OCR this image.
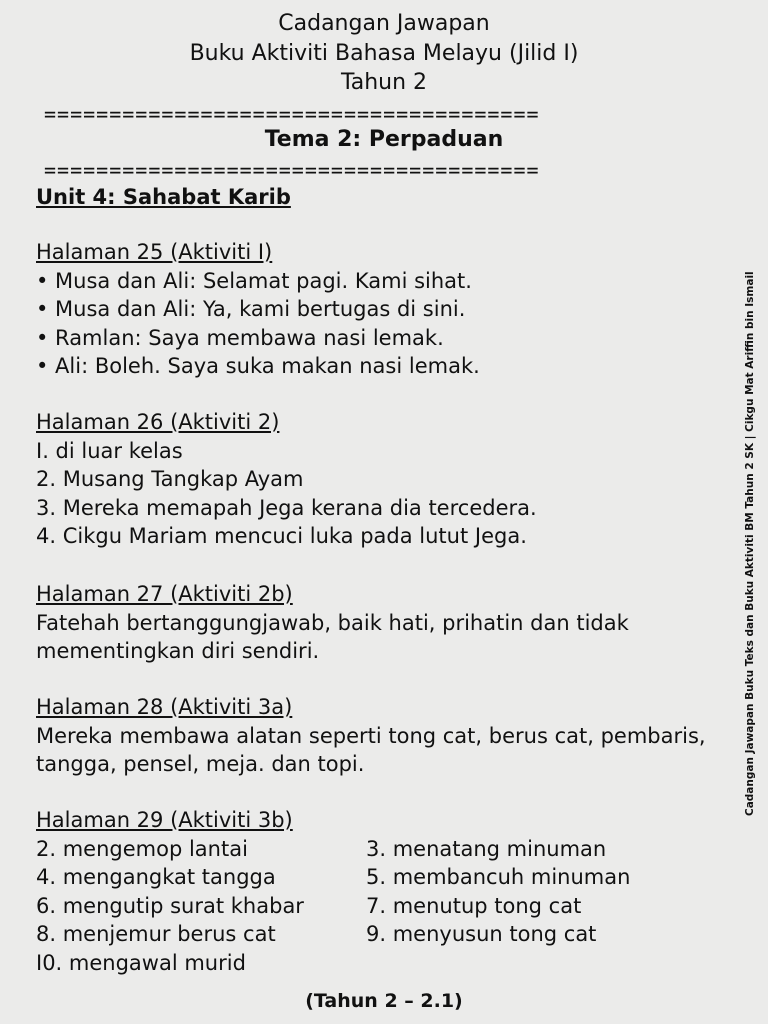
Cadangan Jawapan
Buku Aktiviti Bahasa Melayu (Jilid I)
Tahun 2
======================================
Tema 2: Perpaduan
======================================
Unit 4: Sahabat Karib
Halaman 25 (Aktiviti I)
• Musa dan Ali: Selamat pagi. Kami sihat.
• Musa dan Ali: Ya, kami bertugas di sini.
• Ramlan: Saya membawa nasi lemak.
• Ali: Boleh. Saya suka makan nasi lemak.
Halaman 26 (Aktiviti 2)
I. di luar kelas
2. Musang Tangkap Ayam
3. Mereka memapah Jega kerana dia tercedera.
4. Cikgu Mariam mencuci luka pada lutut Jega.
Halaman 27 (Aktiviti 2b)
Fatehah bertanggungjawab, baik hati, prihatin dan tidak mementingkan diri sendiri.
Halaman 28 (Aktiviti 3a)
Mereka membawa alatan seperti tong cat, berus cat, pembaris, tangga, pensel, meja. dan topi.
Halaman 29 (Aktiviti 3b)
2. mengemop lantai	3. menatang minuman
4. mengangkat tangga	5. membancuh minuman
6. mengutip surat khabar	7. menutup tong cat
8. menjemur berus cat	9. menyusun tong cat
I0. mengawal murid
Cadangan Jawapan Buku Teks dan Buku Aktiviti BM Tahun 2 SK | Cikgu Mat Ariffin bin Ismail
(Tahun 2 – 2.1)
